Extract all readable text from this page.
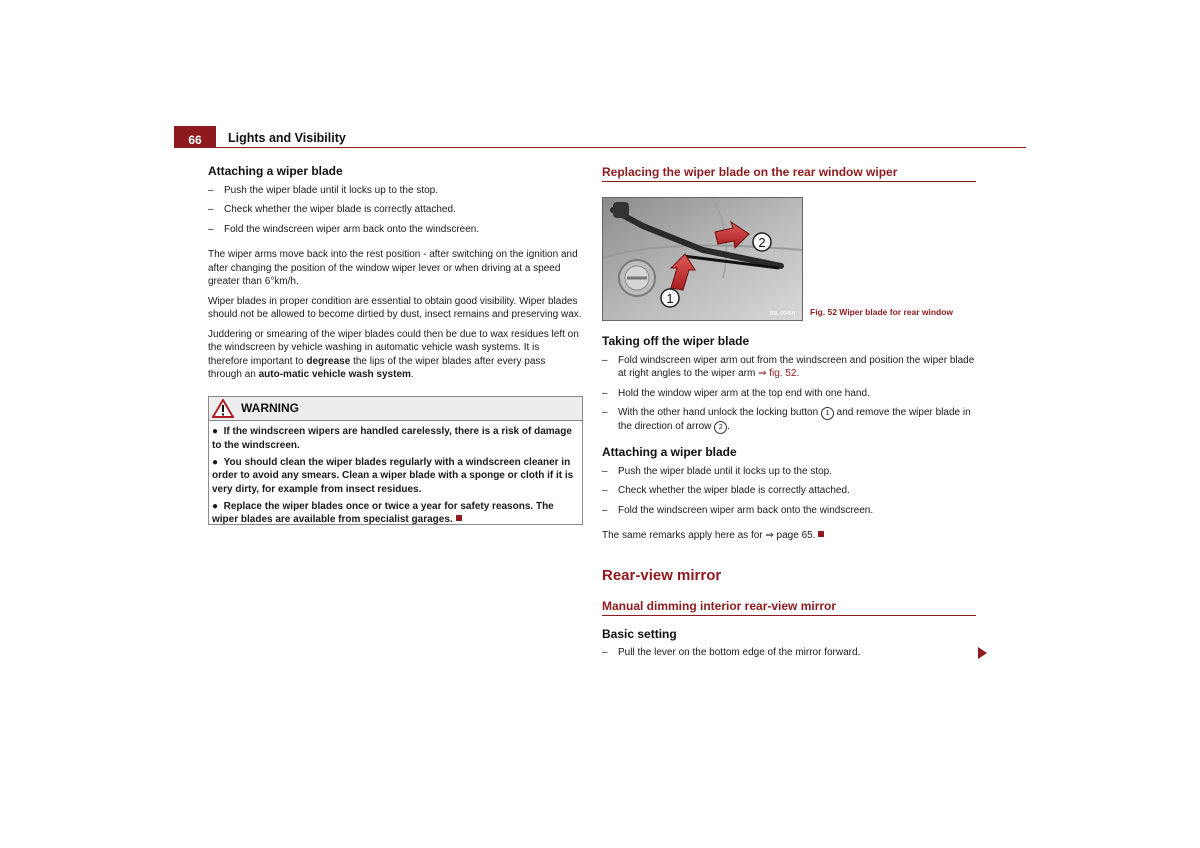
66	Lights and Visibility
Attaching a wiper blade
–	Push the wiper blade until it locks up to the stop.
–	Check whether the wiper blade is correctly attached.
–	Fold the windscreen wiper arm back onto the windscreen.

The wiper arms move back into the rest position - after switching on the ignition and after changing the position of the window wiper lever or when driving at a speed greater than 6°km/h.

Wiper blades in proper condition are essential to obtain good visibility. Wiper blades should not be allowed to become dirtied by dust, insect remains and preserving wax.

Juddering or smearing of the wiper blades could then be due to wax residues left on the windscreen by vehicle washing in automatic vehicle wash systems. It is therefore important to degrease the lips of the wiper blades after every pass through an auto-matic vehicle wash system.

WARNING

●  If the windscreen wipers are handled carelessly, there is a risk of damage to the windscreen.

●  You should clean the wiper blades regularly with a windscreen cleaner in order to avoid any smears. Clean a wiper blade with a sponge or cloth if it is very dirty, for example from insect residues.

●  Replace the wiper blades once or twice a year for safety reasons. The wiper blades are available from specialist garages.

Replacing the wiper blade on the rear window wiper
2
1
B5L-0045H Fig. 52 Wiper blade for rear window
Taking off the wiper blade
–	Fold windscreen wiper arm out from the windscreen and position the wiper blade at right angles to the wiper arm ⇒ fig. 52.
–	Hold the window wiper arm at the top end with one hand.
–	With the other hand unlock the locking button 1 and remove the wiper blade in the direction of arrow 2 .
Attaching a wiper blade
–	Push the wiper blade until it locks up to the stop.
–	Check whether the wiper blade is correctly attached.
–	Fold the windscreen wiper arm back onto the windscreen.

The same remarks apply here as for ⇒ page 65.

Rear-view mirror
Manual dimming interior rear-view mirror
Basic setting
–	Pull the lever on the bottom edge of the mirror forward.
